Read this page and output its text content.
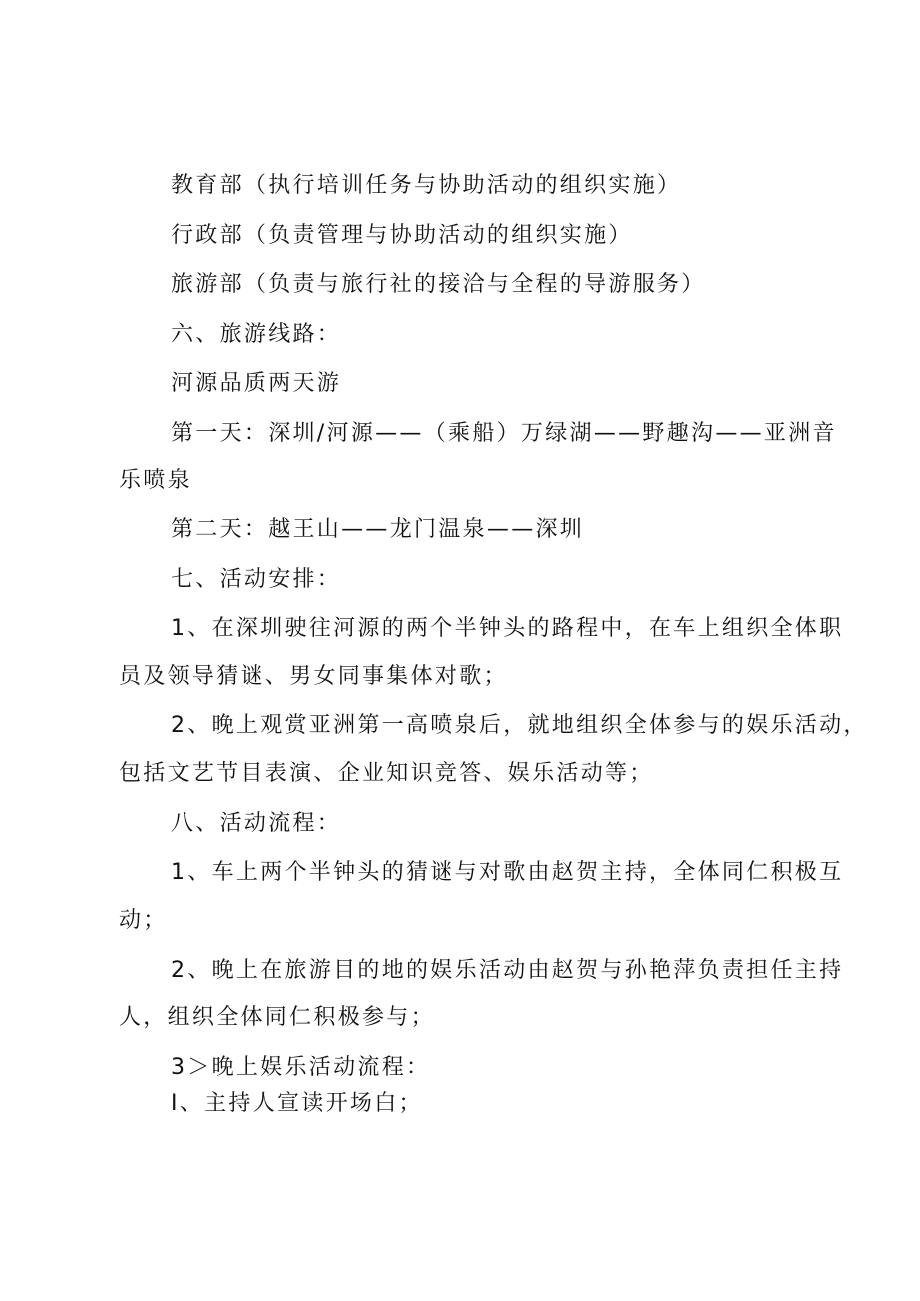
教育部（执行培训任务与协助活动的组织实施）
行政部（负责管理与协助活动的组织实施）
旅游部（负责与旅行社的接洽与全程的导游服务）
六、旅游线路：
河源品质两天游
第一天：深圳/河源——（乘船）万绿湖——野趣沟——亚洲音
乐喷泉
第二天：越王山——龙门温泉——深圳
七、活动安排：
1、在深圳驶往河源的两个半钟头的路程中，在车上组织全体职
员及领导猜谜、男女同事集体对歌；
2、晚上观赏亚洲第一高喷泉后，就地组织全体参与的娱乐活动，
包括文艺节目表演、企业知识竞答、娱乐活动等；
八、活动流程：
1、车上两个半钟头的猜谜与对歌由赵贺主持，全体同仁积极互
动；
2、晚上在旅游目的地的娱乐活动由赵贺与孙艳萍负责担任主持
人，组织全体同仁积极参与；
3＞晚上娱乐活动流程：
I、主持人宣读开场白；
